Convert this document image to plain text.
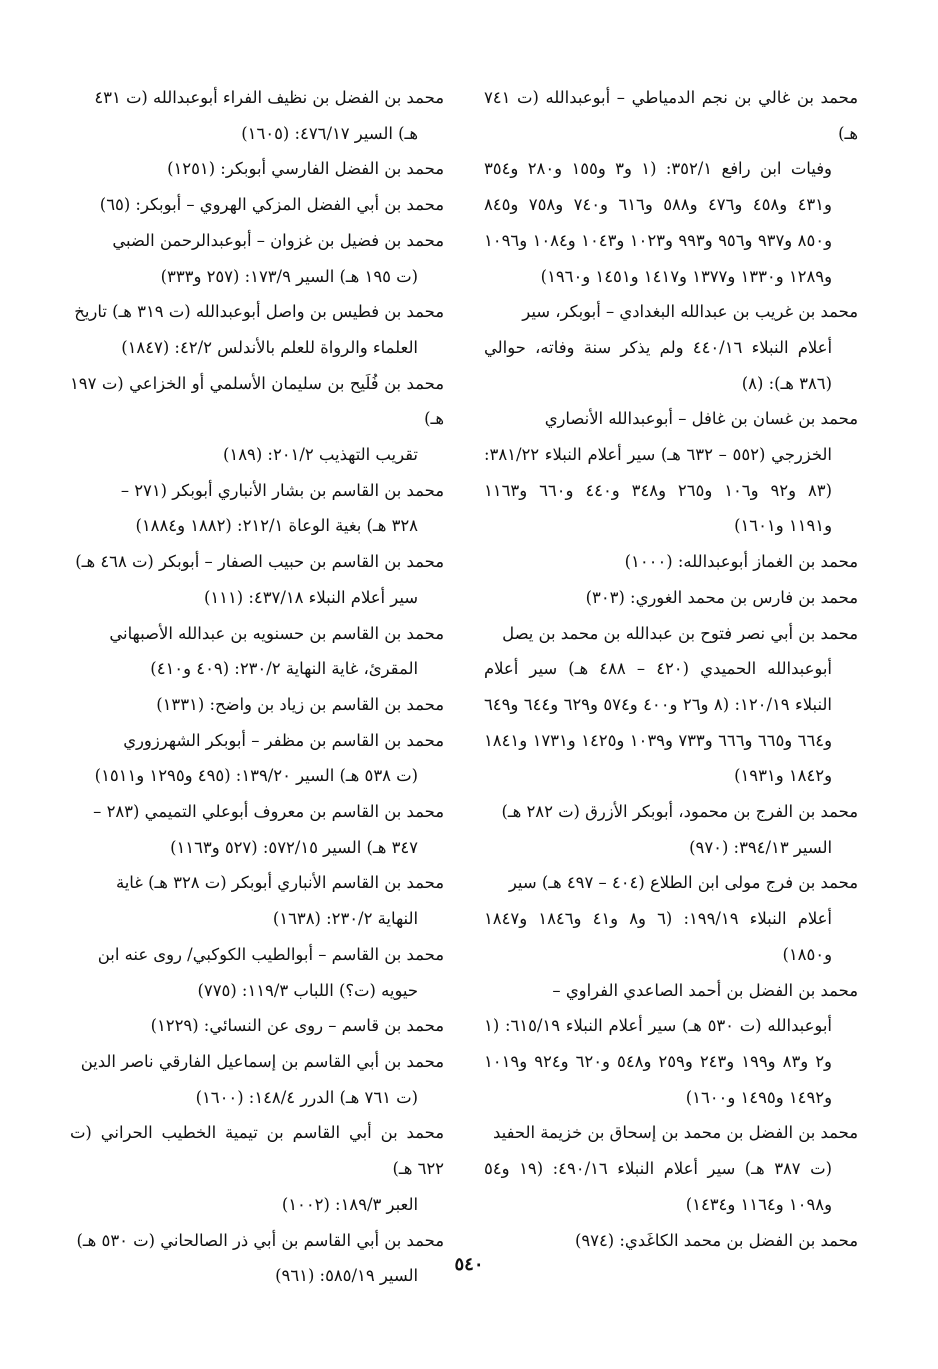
محمد بن غالي بن نجم الدمياطي – أبوعبدالله (ت ٧٤١ هـ)
وفيات ابن رافع ٣٥٢/١: (١ و٣ و١٥٥ و٢٨٠ و٣٥٤ و٤٣١ و٤٥٨ و٤٧٦ و٥٨٨ و٦١٦ و٧٤٠ و٧٥٨ و٨٤٥ و٨٥٠ و٩٣٧ و٩٥٦ و٩٩٣ و١٠٢٣ و١٠٤٣ و١٠٨٤ و١٠٩٦ و١٢٨٩ و١٣٣٠ و١٣٧٧ و١٤١٧ و١٤٥١ و١٩٦٠)
محمد بن غريب بن عبدالله البغدادي – أبوبكر، سير
أعلام النبلاء ٤٤٠/١٦ ولم يذكر سنة وفاته، حوالي (٣٨٦ هـ): (٨)
محمد بن غسان بن غافل – أبوعبدالله الأنصاري
الخزرجي (٥٥٢ – ٦٣٢ هـ) سير أعلام النبلاء ٣٨١/٢٢: (٨٣ و٩٢ و١٠٦ و٢٦٥ و٣٤٨ و٤٤٠ و٦٦٠ و١١٦٣ و١١٩١ و١٦٠١)
محمد بن الغماز أبوعبدالله: (١٠٠٠)
محمد بن فارس بن محمد الغوري: (٣٠٣)
محمد بن أبي نصر فتوح بن عبدالله بن محمد بن يصل
أبوعبدالله الحميدي (٤٢٠ – ٤٨٨ هـ) سير أعلام النبلاء ١٢٠/١٩: (٨ و٢٦ و٤٠٠ و٥٧٤ و٦٢٩ و٦٤٤ و٦٤٩ و٦٦٤ و٦٦٥ و٦٦٦ و٧٣٣ و١٠٣٩ و١٤٢٥ و١٧٣١ و١٨٤١ و١٨٤٢ و١٩٣١)
محمد بن الفرج بن محمود، أبوبكر الأزرق (ت ٢٨٢ هـ)
السير ٣٩٤/١٣: (٩٧٠)
محمد بن فرج مولى ابن الطلاع (٤٠٤ – ٤٩٧ هـ) سير
أعلام النبلاء ١٩٩/١٩: (٦ و٨ و٤١ و١٨٤٦ و١٨٤٧ و١٨٥٠)
محمد بن الفضل بن أحمد الصاعدي الفراوي –
أبوعبدالله (ت ٥٣٠ هـ) سير أعلام النبلاء ٦١٥/١٩: (١ و٢ و٨٣ و١٩٩ و٢٤٣ و٢٥٩ و٥٤٨ و٦٢٠ و٩٢٤ و١٠١٩ و١٤٩٢ و١٤٩٥ و١٦٠٠)
محمد بن الفضل بن محمد بن إسحاق بن خزيمة الحفيد
(ت ٣٨٧ هـ) سير أعلام النبلاء ٤٩٠/١٦: (١٩ و٥٤ و١٠٩٨ و١١٦٤ و١٤٣٤)
محمد بن الفضل بن محمد الكاغَدي: (٩٧٤)
محمد بن الفضل بن نظيف الفراء أبوعبدالله (ت ٤٣١
هـ) السير ٤٧٦/١٧: (١٦٠٥)
محمد بن الفضل الفارسي أبوبكر: (١٢٥١)
محمد بن أبي الفضل المزكي الهروي – أبوبكر: (٦٥)
محمد بن فضيل بن غزوان – أبوعبدالرحمن الضبي
(ت ١٩٥ هـ) السير ١٧٣/٩: (٢٥٧ و٣٣٣)
محمد بن فطيس بن واصل أبوعبدالله (ت ٣١٩ هـ) تاريخ
العلماء والرواة للعلم بالأندلس ٤٢/٢: (١٨٤٧)
محمد بن فُلَيح بن سليمان الأسلمي أو الخزاعي (ت ١٩٧ هـ)
تقريب التهذيب ٢٠١/٢: (١٨٩)
محمد بن القاسم بن بشار الأنباري أبوبكر (٢٧١ –
٣٢٨ هـ) بغية الوعاة ٢١٢/١: (١٨٨٢ و١٨٨٤)
محمد بن القاسم بن حبيب الصفار – أبوبكر (ت ٤٦٨ هـ)
سير أعلام النبلاء ٤٣٧/١٨: (١١١)
محمد بن القاسم بن حسنويه بن عبدالله الأصبهاني
المقرئ، غاية النهاية ٢٣٠/٢: (٤٠٩ و٤١٠)
محمد بن القاسم بن زياد بن واضح: (١٣٣١)
محمد بن القاسم بن مظفر – أبوبكر الشهرزوري
(ت ٥٣٨ هـ) السير ١٣٩/٢٠: (٤٩٥ و١٢٩٥ و١٥١١)
محمد بن القاسم بن معروف أبوعلي التميمي (٢٨٣ –
٣٤٧ هـ) السير ٥٧٢/١٥: (٥٢٧ و١١٦٣)
محمد بن القاسم الأنباري أبوبكر (ت ٣٢٨ هـ) غاية
النهاية ٢٣٠/٢: (١٦٣٨)
محمد بن القاسم – أبوالطيب الكوكبي/ روى عنه ابن
حيويه (ت؟) اللباب ١١٩/٣: (٧٧٥)
محمد بن قاسم – روى عن النسائي: (١٢٢٩)
محمد بن أبي القاسم بن إسماعيل الفارقي ناصر الدين
(ت ٧٦١ هـ) الدرر ١٤٨/٤: (١٦٠٠)
محمد بن أبي القاسم بن تيمية الخطيب الحراني (ت ٦٢٢ هـ)
العبر ١٨٩/٣: (١٠٠٢)
محمد بن أبي القاسم بن أبي ذر الصالحاني (ت ٥٣٠ هـ)
السير ٥٨٥/١٩: (٩٦١)
٥٤٠
